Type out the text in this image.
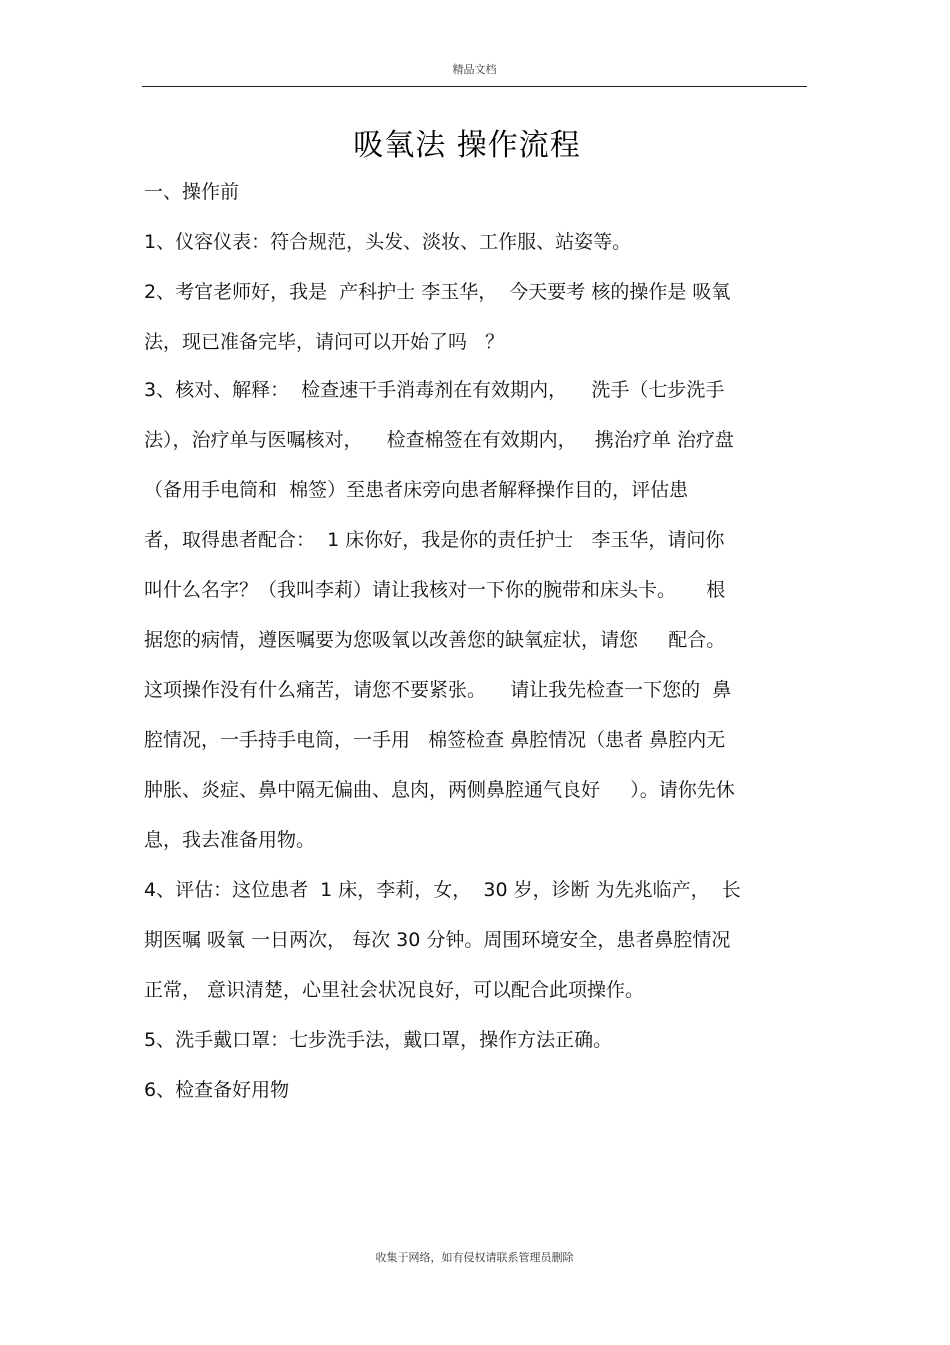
精品文档
吸氧法 操作流程
一、操作前
1、仪容仪表：符合规范，头发、淡妆、工作服、站姿等。
2、考官老师好，我是  产科护士 李玉华，  今天要考 核的操作是 吸氧
法，现已准备完毕，请问可以开始了吗   ？
3、核对、解释：  检查速干手消毒剂在有效期内，    洗手（七步洗手
法），治疗单与医嘱核对，    检查棉签在有效期内，   携治疗单 治疗盘
（备用手电筒和  棉签）至患者床旁向患者解释操作目的，评估患
者，取得患者配合：  1 床你好，我是你的责任护士   李玉华，请问你
叫什么名字？（我叫李莉）请让我核对一下你的腕带和床头卡。     根
据您的病情，遵医嘱要为您吸氧以改善您的缺氧症状，请您     配合。
这项操作没有什么痛苦，请您不要紧张。    请让我先检查一下您的  鼻
腔情况，一手持手电筒，一手用   棉签检查 鼻腔情况（患者 鼻腔内无
肿胀、炎症、鼻中隔无偏曲、息肉，两侧鼻腔通气良好     ）。请你先休
息，我去准备用物。
4、评估：这位患者  1 床，李莉，女，  30 岁，诊断 为先兆临产，  长
期医嘱 吸氧 一日两次， 每次 30 分钟。周围环境安全，患者鼻腔情况
正常， 意识清楚，心里社会状况良好，可以配合此项操作。
5、洗手戴口罩：七步洗手法，戴口罩，操作方法正确。
6、检查备好用物
收集于网络，如有侵权请联系管理员删除
